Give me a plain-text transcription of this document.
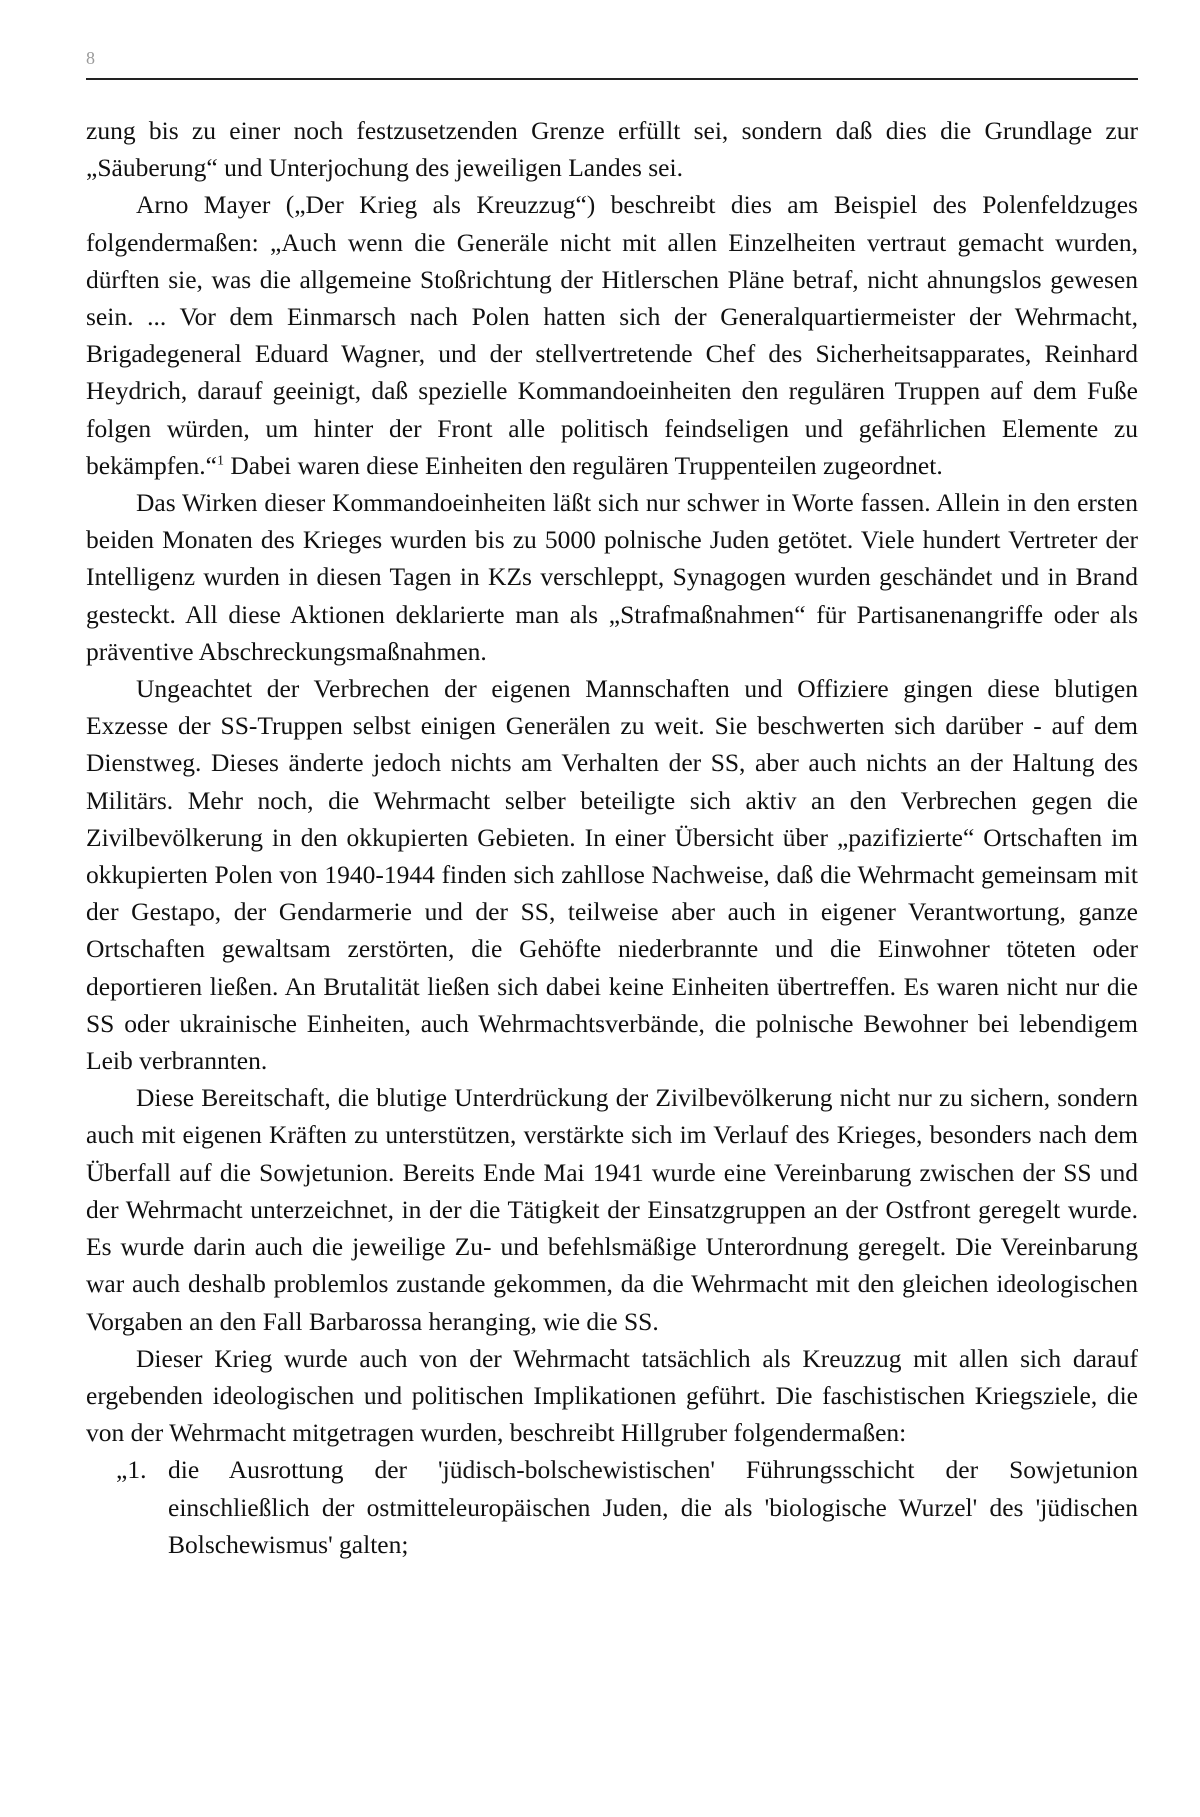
8

zung bis zu einer noch festzusetzenden Grenze erfüllt sei, sondern daß dies die Grundlage zur „Säuberung“ und Unterjochung des jeweiligen Landes sei.

Arno Mayer („Der Krieg als Kreuzzug“) beschreibt dies am Beispiel des Polenfeldzuges folgendermaßen: „Auch wenn die Generäle nicht mit allen Einzelheiten vertraut gemacht wurden, dürften sie, was die allgemeine Stoßrichtung der Hitlerschen Pläne betraf, nicht ahnungslos gewesen sein. ... Vor dem Einmarsch nach Polen hatten sich der Generalquartiermeister der Wehrmacht, Brigadegeneral Eduard Wagner, und der stellvertretende Chef des Sicherheitsapparates, Reinhard Heydrich, darauf geeinigt, daß spezielle Kommandoeinheiten den regulären Truppen auf dem Fuße folgen würden, um hinter der Front alle politisch feindseligen und gefährlichen Elemente zu bekämpfen.“$^1$ Dabei waren diese Einheiten den regulären Truppenteilen zugeordnet.

Das Wirken dieser Kommandoeinheiten läßt sich nur schwer in Worte fassen. Allein in den ersten beiden Monaten des Krieges wurden bis zu 5000 polnische Juden getötet. Viele hundert Vertreter der Intelligenz wurden in diesen Tagen in KZs verschleppt, Synagogen wurden geschändet und in Brand gesteckt. All diese Aktionen deklarierte man als „Strafmaßnahmen“ für Partisanenangriffe oder als präventive Abschreckungsmaßnahmen.

Ungeachtet der Verbrechen der eigenen Mannschaften und Offiziere gingen diese blutigen Exzesse der SS-Truppen selbst einigen Generälen zu weit. Sie beschwerten sich darüber - auf dem Dienstweg. Dieses änderte jedoch nichts am Verhalten der SS, aber auch nichts an der Haltung des Militärs. Mehr noch, die Wehrmacht selber beteiligte sich aktiv an den Verbrechen gegen die Zivilbevölkerung in den okkupierten Gebieten. In einer Übersicht über „pazifizierte“ Ortschaften im okkupierten Polen von 1940-1944 finden sich zahllose Nachweise, daß die Wehrmacht gemeinsam mit der Gestapo, der Gendarmerie und der SS, teilweise aber auch in eigener Verantwortung, ganze Ortschaften gewaltsam zerstörten, die Gehöfte niederbrannte und die Einwohner töteten oder deportieren ließen. An Brutalität ließen sich dabei keine Einheiten übertreffen. Es waren nicht nur die SS oder ukrainische Einheiten, auch Wehrmachtsverbände, die polnische Bewohner bei lebendigem Leib verbrannten.

Diese Bereitschaft, die blutige Unterdrückung der Zivilbevölkerung nicht nur zu sichern, sondern auch mit eigenen Kräften zu unterstützen, verstärkte sich im Verlauf des Krieges, besonders nach dem Überfall auf die Sowjetunion. Bereits Ende Mai 1941 wurde eine Vereinbarung zwischen der SS und der Wehrmacht unterzeichnet, in der die Tätigkeit der Einsatzgruppen an der Ostfront geregelt wurde. Es wurde darin auch die jeweilige Zu- und befehlsmäßige Unterordnung geregelt. Die Vereinbarung war auch deshalb problemlos zustande gekommen, da die Wehrmacht mit den gleichen ideologischen Vorgaben an den Fall Barbarossa heranging, wie die SS.

Dieser Krieg wurde auch von der Wehrmacht tatsächlich als Kreuzzug mit allen sich darauf ergebenden ideologischen und politischen Implikationen geführt. Die faschistischen Kriegsziele, die von der Wehrmacht mitgetragen wurden, beschreibt Hillgruber folgendermaßen:

„1. die Ausrottung der 'jüdisch-bolschewistischen' Führungsschicht der Sowjetunion einschließlich der ostmitteleuropäischen Juden, die als 'biologische Wurzel' des 'jüdischen Bolschewismus' galten;
